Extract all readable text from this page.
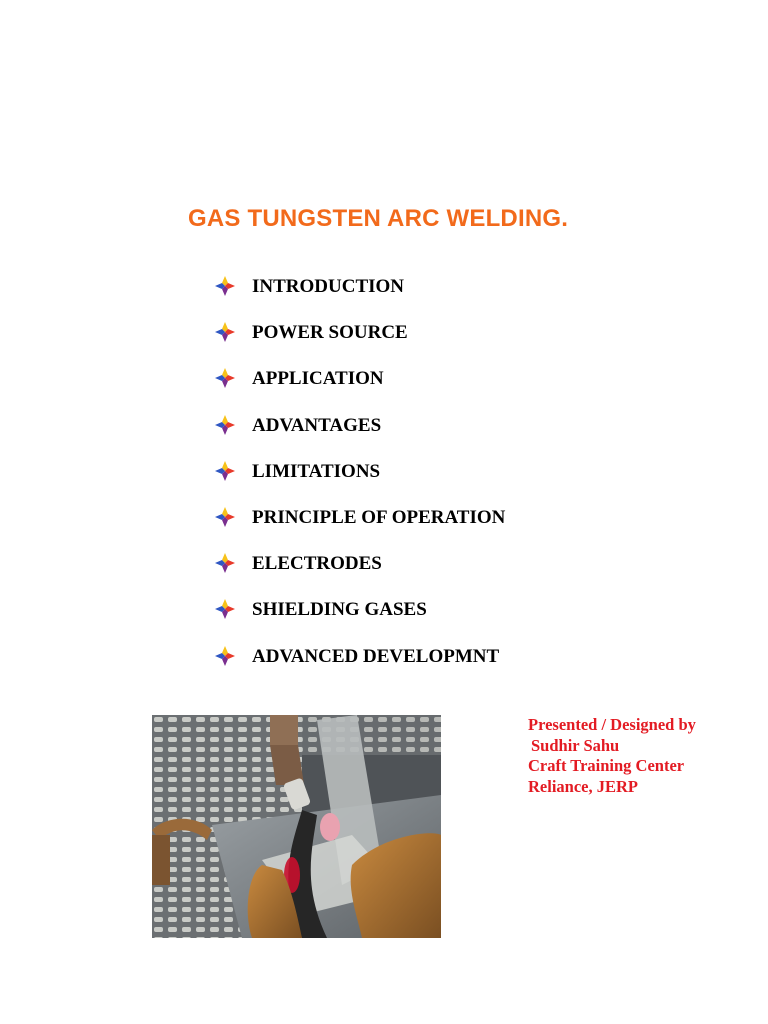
GAS TUNGSTEN ARC WELDING.
INTRODUCTION
POWER SOURCE
APPLICATION
ADVANTAGES
LIMITATIONS
PRINCIPLE OF OPERATION
ELECTRODES
SHIELDING GASES
ADVANCED DEVELOPMNT
Presented / Designed by
Sudhir Sahu
Craft Training Center
Reliance, JERP
